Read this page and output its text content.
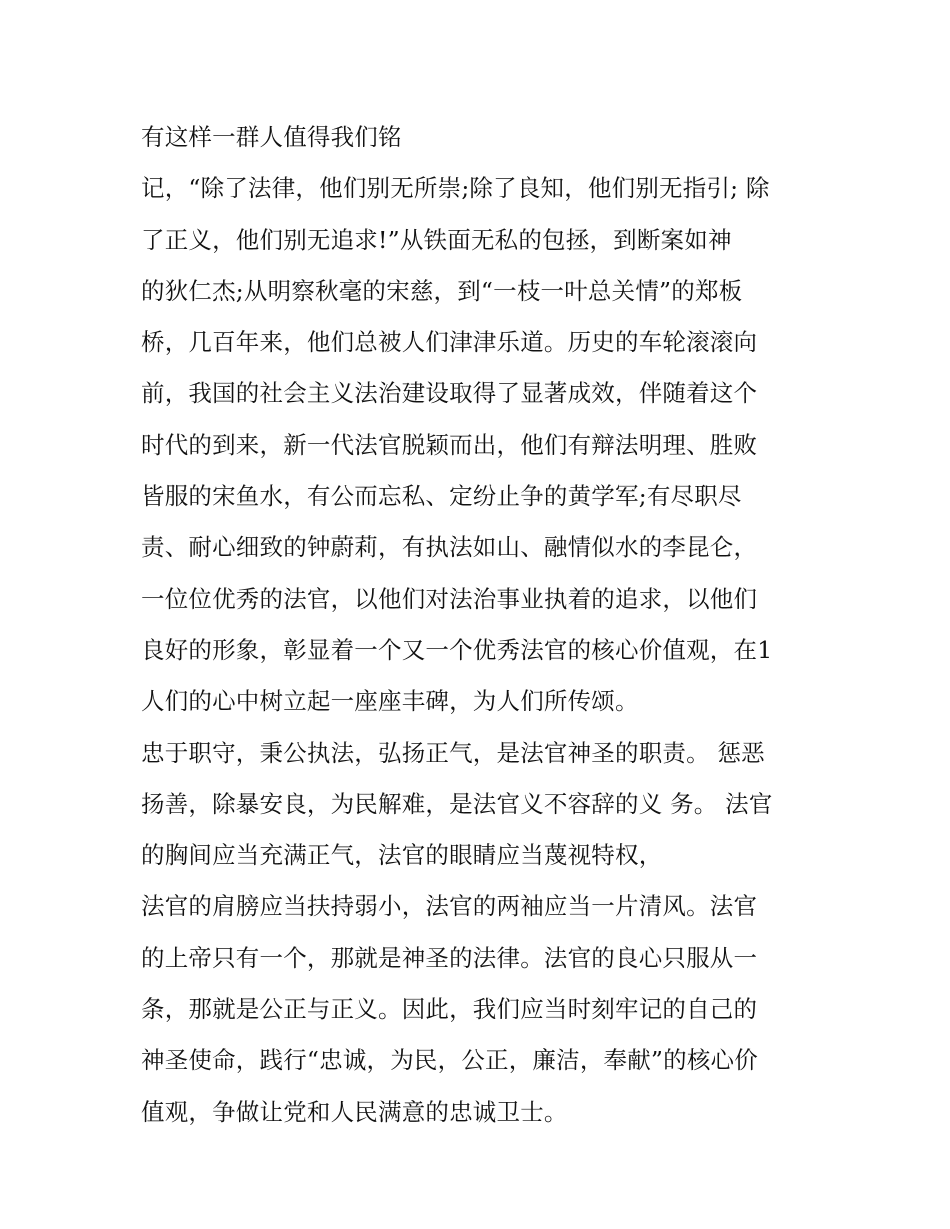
有这样一群人值得我们铭
记，“除了法律，他们别无所崇;除了良知，他们别无指引; 除
了正义，他们别无追求!”从铁面无私的包拯，到断案如神
的狄仁杰;从明察秋毫的宋慈，到“一枝一叶总关情”的郑板
桥，几百年来，他们总被人们津津乐道。历史的车轮滚滚向
前，我国的社会主义法治建设取得了显著成效，伴随着这个
时代的到来，新一代法官脱颖而出，他们有辩法明理、胜败
皆服的宋鱼水，有公而忘私、定纷止争的黄学军;有尽职尽
责、耐心细致的钟蔚莉，有执法如山、融情似水的李昆仑，
一位位优秀的法官，以他们对法治事业执着的追求，以他们
良好的形象，彰显着一个又一个优秀法官的核心价值观，在1
人们的心中树立起一座座丰碑，为人们所传颂。
忠于职守，秉公执法，弘扬正气，是法官神圣的职责。 惩恶
扬善，除暴安良，为民解难，是法官义不容辞的义 务。 法官
的胸间应当充满正气，法官的眼睛应当蔑视特权，
法官的肩膀应当扶持弱小，法官的两袖应当一片清风。法官
的上帝只有一个，那就是神圣的法律。法官的良心只服从一
条，那就是公正与正义。因此，我们应当时刻牢记的自己的
神圣使命，践行“忠诚，为民，公正，廉洁，奉献”的核心价
值观，争做让党和人民满意的忠诚卫士。
